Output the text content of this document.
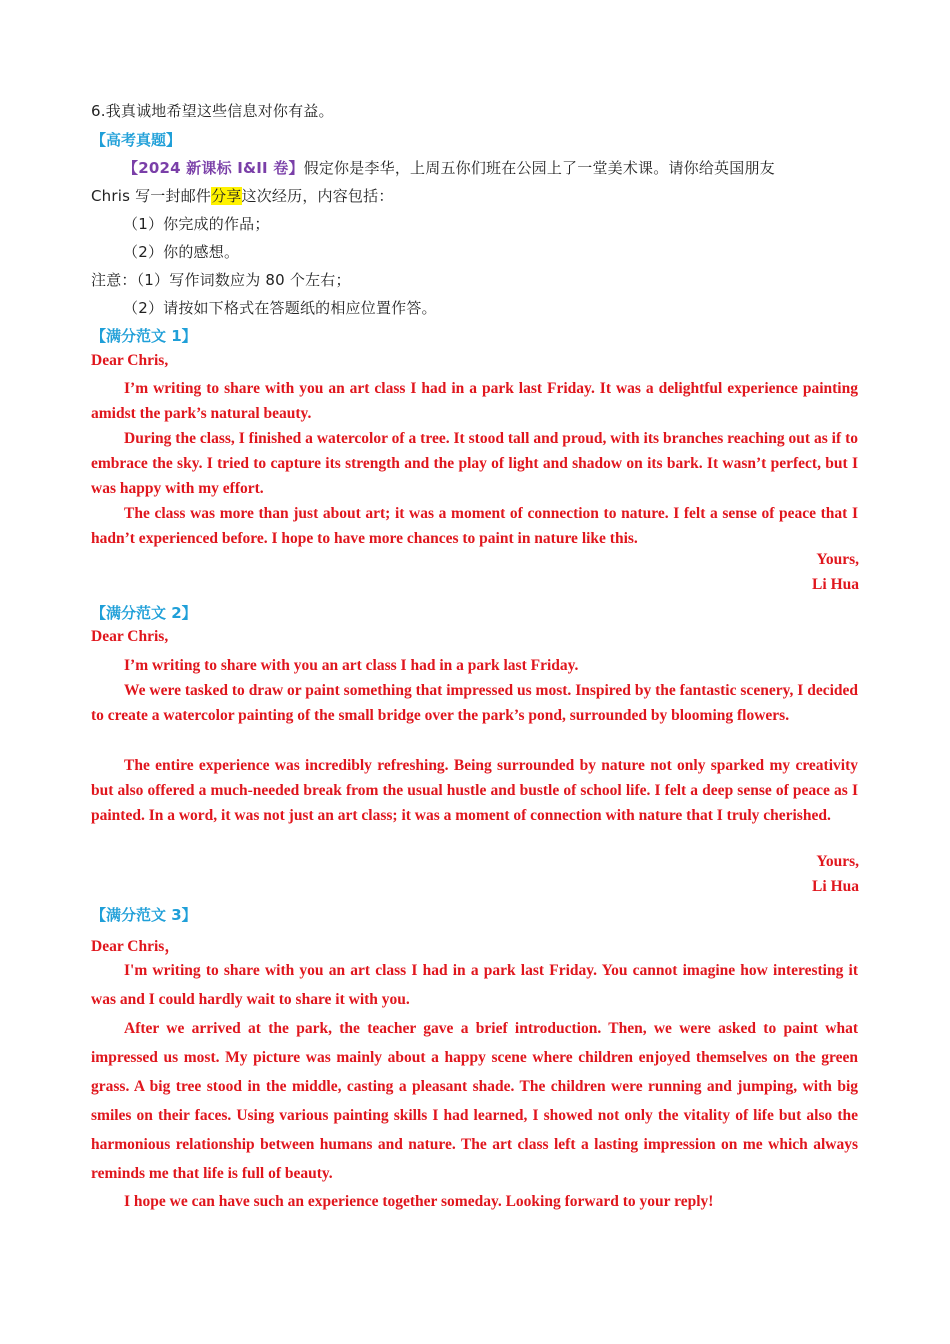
6.我真诚地希望这些信息对你有益。
【高考真题】
【2024 新课标 I&II 卷】假定你是李华，上周五你们班在公园上了一堂美术课。请你给英国朋友
Chris 写一封邮件分享这次经历，内容包括：
（1）你完成的作品；
（2）你的感想。
注意：（1）写作词数应为 80 个左右；
（2）请按如下格式在答题纸的相应位置作答。
【满分范文 1】
Dear Chris,
I’m writing to share with you an art class I had in a park last Friday. It was a delightful experience painting amidst the park’s natural beauty.
During the class, I finished a watercolor of a tree. It stood tall and proud, with its branches reaching out as if to embrace the sky. I tried to capture its strength and the play of light and shadow on its bark. It wasn’t perfect, but I was happy with my effort.
The class was more than just about art; it was a moment of connection to nature. I felt a sense of peace that I hadn’t experienced before. I hope to have more chances to paint in nature like this.
Yours,
Li Hua
【满分范文 2】
Dear Chris,
I’m writing to share with you an art class I had in a park last Friday.
We were tasked to draw or paint something that impressed us most. Inspired by the fantastic scenery, I decided to create a watercolor painting of the small bridge over the park’s pond, surrounded by blooming flowers.
The entire experience was incredibly refreshing. Being surrounded by nature not only sparked my creativity but also offered a much-needed break from the usual hustle and bustle of school life. I felt a deep sense of peace as I painted. In a word, it was not just an art class; it was a moment of connection with nature that I truly cherished.
Yours,
Li Hua
【满分范文 3】
Dear Chris，
I'm writing to share with you an art class I had in a park last Friday. You cannot imagine how interesting it was and I could hardly wait to share it with you.
After we arrived at the park, the teacher gave a brief introduction. Then, we were asked to paint what impressed us most. My picture was mainly about a happy scene where children enjoyed themselves on the green grass. A big tree stood in the middle, casting a pleasant shade. The children were running and jumping, with big smiles on their faces. Using various painting skills I had learned, I showed not only the vitality of life but also the harmonious relationship between humans and nature. The art class left a lasting impression on me which always reminds me that life is full of beauty.
I hope we can have such an experience together someday. Looking forward to your reply!
